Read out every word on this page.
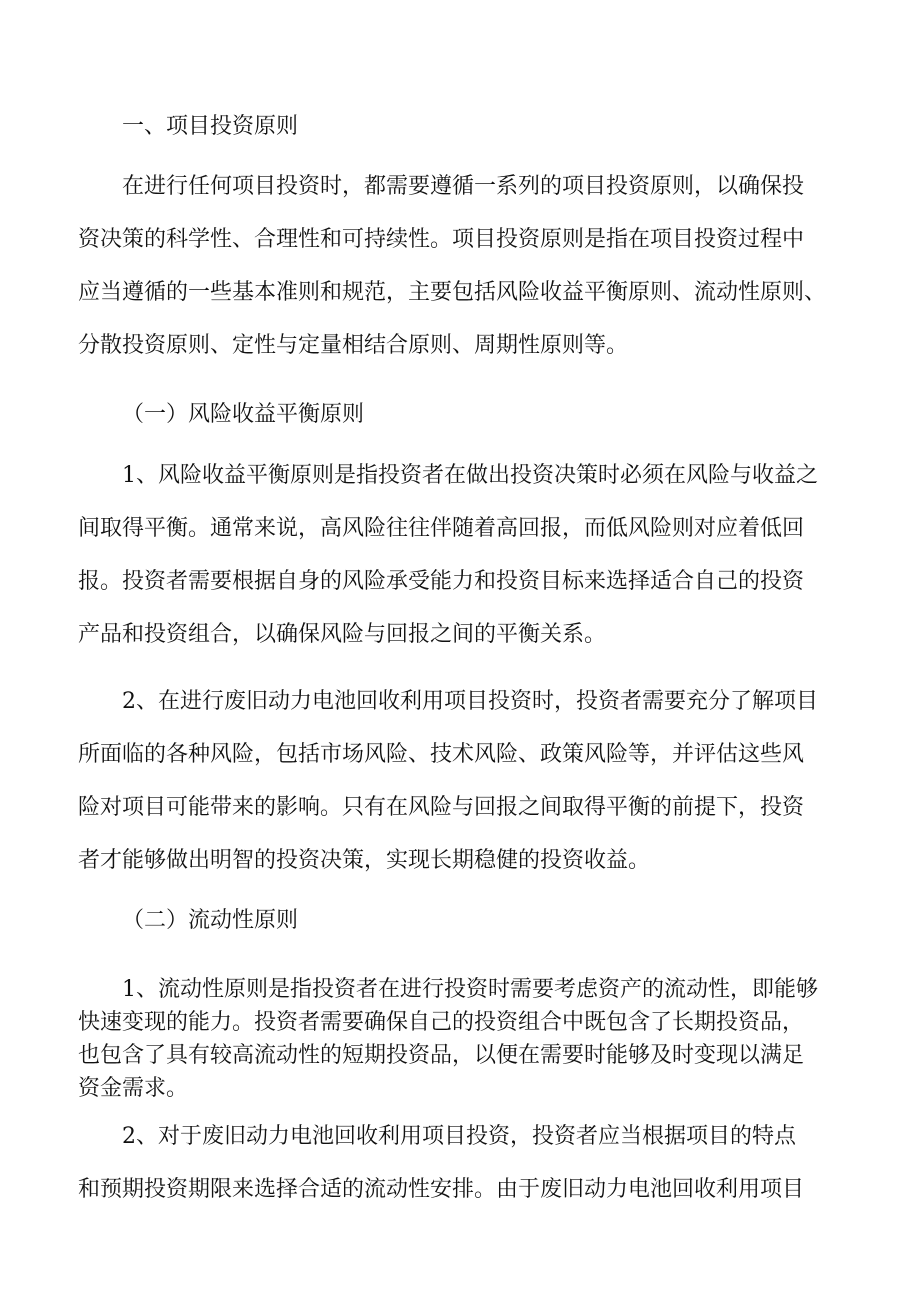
一、项目投资原则
在进行任何项目投资时，都需要遵循一系列的项目投资原则，以确保投
资决策的科学性、合理性和可持续性。项目投资原则是指在项目投资过程中
应当遵循的一些基本准则和规范，主要包括风险收益平衡原则、流动性原则、
分散投资原则、定性与定量相结合原则、周期性原则等。
（一）风险收益平衡原则
1、风险收益平衡原则是指投资者在做出投资决策时必须在风险与收益之
间取得平衡。通常来说，高风险往往伴随着高回报，而低风险则对应着低回
报。投资者需要根据自身的风险承受能力和投资目标来选择适合自己的投资
产品和投资组合，以确保风险与回报之间的平衡关系。
2、在进行废旧动力电池回收利用项目投资时，投资者需要充分了解项目
所面临的各种风险，包括市场风险、技术风险、政策风险等，并评估这些风
险对项目可能带来的影响。只有在风险与回报之间取得平衡的前提下，投资
者才能够做出明智的投资决策，实现长期稳健的投资收益。
（二）流动性原则
1、流动性原则是指投资者在进行投资时需要考虑资产的流动性，即能够
快速变现的能力。投资者需要确保自己的投资组合中既包含了长期投资品，
也包含了具有较高流动性的短期投资品，以便在需要时能够及时变现以满足
资金需求。
2、对于废旧动力电池回收利用项目投资，投资者应当根据项目的特点
和预期投资期限来选择合适的流动性安排。由于废旧动力电池回收利用项目
